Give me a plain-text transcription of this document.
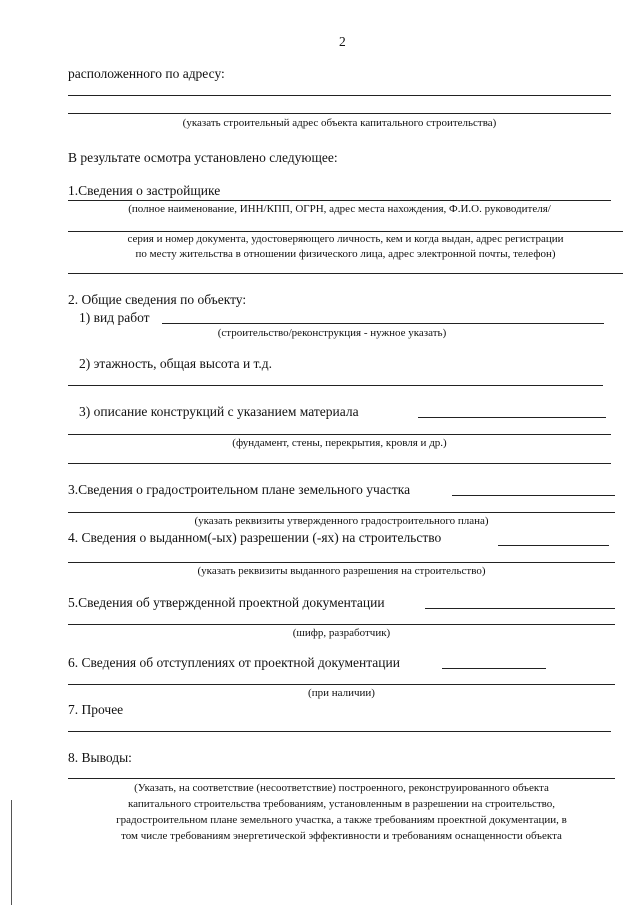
2
расположенного по адресу:
(указать строительный адрес объекта капитального строительства)
В результате осмотра установлено следующее:
1.Сведения о застройщике
(полное наименование, ИНН/КПП, ОГРН, адрес места нахождения, Ф.И.О. руководителя/
серия и номер документа, удостоверяющего личность, кем и когда выдан, адрес регистрации
по месту жительства в отношении физического лица, адрес электронной почты, телефон)
2. Общие сведения по объекту:
1) вид работ
(строительство/реконструкция - нужное указать)
2) этажность, общая высота и т.д.
3) описание конструкций с указанием материала
(фундамент, стены, перекрытия, кровля и др.)
3.Сведения о градостроительном плане земельного участка
(указать реквизиты утвержденного градостроительного плана)
4. Сведения о выданном(-ых) разрешении (-ях) на строительство
(указать реквизиты выданного разрешения на строительство)
5.Сведения об утвержденной проектной документации
(шифр, разработчик)
6. Сведения об отступлениях от проектной документации
(при наличии)
7. Прочее
8. Выводы:
(Указать, на соответствие (несоответствие) построенного, реконструированного объекта
капитального строительства требованиям, установленным в разрешении на строительство,
градостроительном плане земельного участка, а также требованиям проектной документации, в
том числе требованиям энергетической эффективности и требованиям оснащенности объекта
